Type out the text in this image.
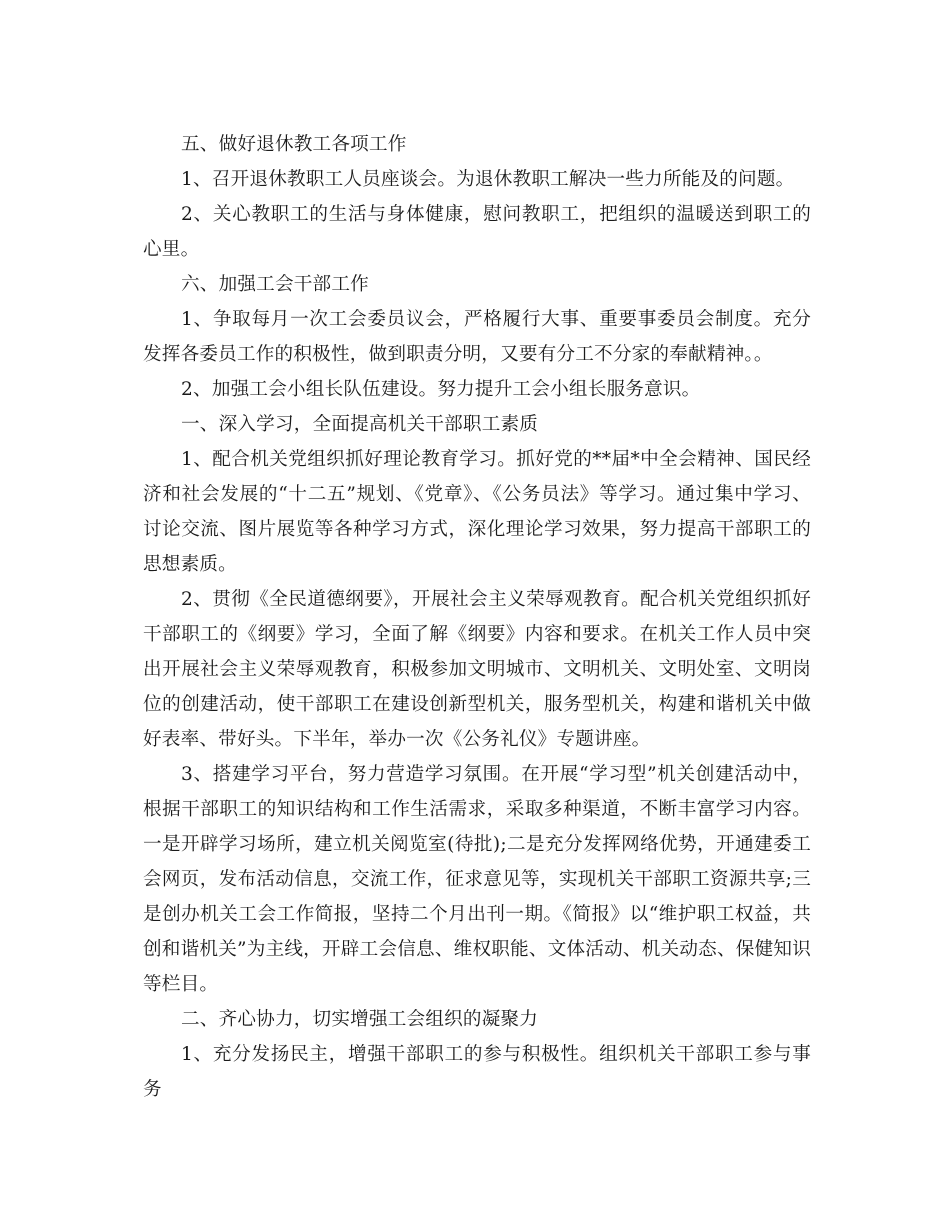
五、做好退休教工各项工作

1、召开退休教职工人员座谈会。为退休教职工解决一些力所能及的问题。

2、关心教职工的生活与身体健康，慰问教职工，把组织的温暖送到职工的心里。

六、加强工会干部工作

1、争取每月一次工会委员议会，严格履行大事、重要事委员会制度。充分发挥各委员工作的积极性，做到职责分明，又要有分工不分家的奉献精神。。

2、加强工会小组长队伍建设。努力提升工会小组长服务意识。

一、深入学习，全面提高机关干部职工素质

1、配合机关党组织抓好理论教育学习。抓好党的**届*中全会精神、国民经济和社会发展的“十二五”规划、《党章》、《公务员法》等学习。通过集中学习、讨论交流、图片展览等各种学习方式，深化理论学习效果，努力提高干部职工的思想素质。

2、贯彻《全民道德纲要》，开展社会主义荣辱观教育。配合机关党组织抓好干部职工的《纲要》学习，全面了解《纲要》内容和要求。在机关工作人员中突出开展社会主义荣辱观教育，积极参加文明城市、文明机关、文明处室、文明岗位的创建活动，使干部职工在建设创新型机关，服务型机关，构建和谐机关中做好表率、带好头。下半年，举办一次《公务礼仪》专题讲座。

3、搭建学习平台，努力营造学习氛围。在开展“学习型”机关创建活动中，根据干部职工的知识结构和工作生活需求，采取多种渠道，不断丰富学习内容。一是开辟学习场所，建立机关阅览室(待批);二是充分发挥网络优势，开通建委工会网页，发布活动信息，交流工作，征求意见等，实现机关干部职工资源共享;三是创办机关工会工作简报，坚持二个月出刊一期。《简报》以“维护职工权益，共创和谐机关”为主线，开辟工会信息、维权职能、文体活动、机关动态、保健知识等栏目。

二、齐心协力，切实增强工会组织的凝聚力

1、充分发扬民主，增强干部职工的参与积极性。组织机关干部职工参与事务
